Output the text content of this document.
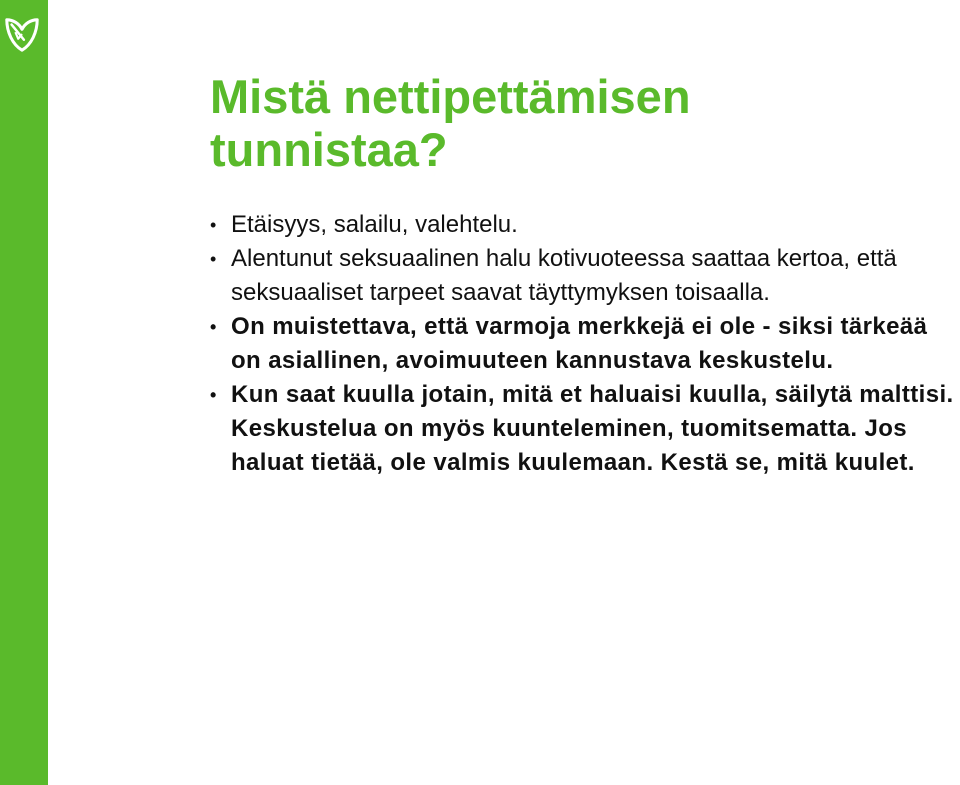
Mistä nettipettämisen tunnistaa?
• Etäisyys, salailu, valehtelu.
• Alentunut seksuaalinen halu kotivuoteessa saattaa kertoa, että seksuaaliset tarpeet saavat täyttymyksen toisaalla.
• On muistettava, että varmoja merkkejä ei ole - siksi tärkeää on asiallinen, avoimuuteen kannustava keskustelu.
• Kun saat kuulla jotain, mitä et haluaisi kuulla, säilytä malttisi. Keskustelua on myös kuunteleminen, tuomitsematta. Jos haluat tietää, ole valmis kuulemaan. Kestä se, mitä kuulet.
